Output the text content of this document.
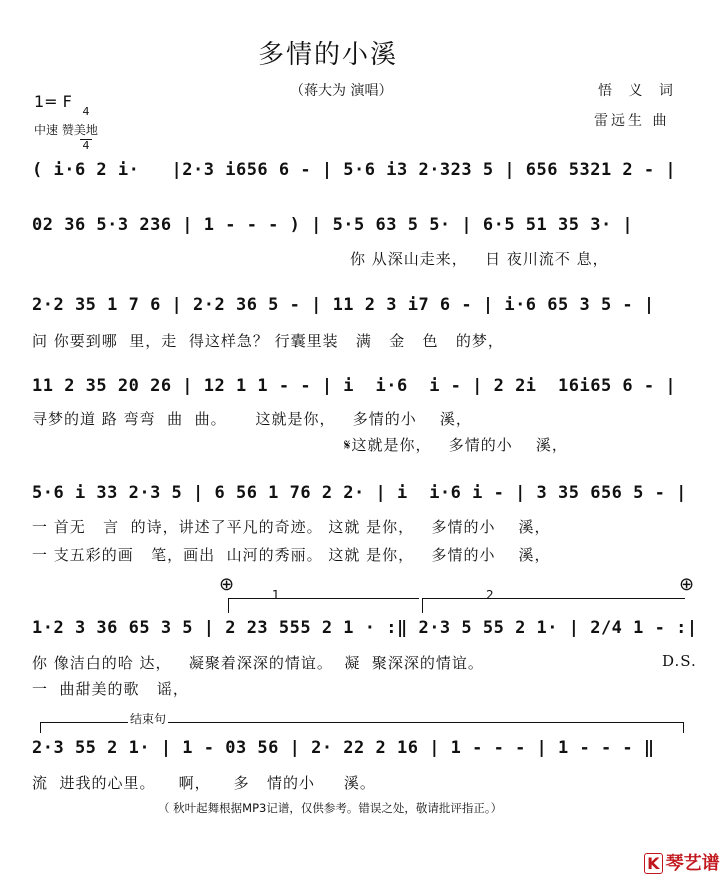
多情的小溪
（蒋大为 演唱）	悟 义 词
雷远生 曲
1= F

4

4

中速 赞美地
( i·6 2 i·   |2·3 i656 6 - | 5·6 i3 2·323 5 | 656 5321 2 - |
02 36 5·3 236 | 1 - - - ) | 5·5 63 5 5· | 6·5 51 35 3· |
你 从深山走来，   日 夜川流不 息，
2·2 35 1 7 6 | 2·2 36 5 - | 11 2 3 i7 6 - | i·6 65 3 5 - |
问 你要到哪  里，走  得这样急？ 行囊里装   满   金   色   的梦，
11 2 35 20 26 | 12 1 1 - - | i  i·6  i - | 2 2i  16i65 6 - |
寻梦的道 路 弯弯  曲  曲。     这就是你，   多情的小    溪，
𝄋这就是你，   多情的小    溪，
5·6 i 33 2·3 5 | 6 56 1 76 2 2· | i  i·6 i - | 3 35 656 5 - |
一 首无   言  的诗，讲述了平凡的奇迹。 这就 是你，   多情的小    溪，
一 支五彩的画   笔，画出  山河的秀丽。 这就 是你，   多情的小    溪，
⊕	⊕
1	2
1·2 3 36 65 3 5 | 2 23 555 2 1 · :‖ 2·3 5 55 2 1· | 2/4 1 - :|
你 像洁白的哈 达，   凝聚着深深的情谊。  凝  聚深深的情谊。	D.S.
一  曲甜美的歌   谣，
结束句
2·3 55 2 1· | 1 - 03 56 | 2· 22 2 16 | 1 - - - | 1 - - - ‖
流  进我的心里。    啊，    多   情的小     溪。
（ 秋叶起舞根据MP3记谱，仅供参考。错误之处，敬请批评指正。）

K 琴艺谱
